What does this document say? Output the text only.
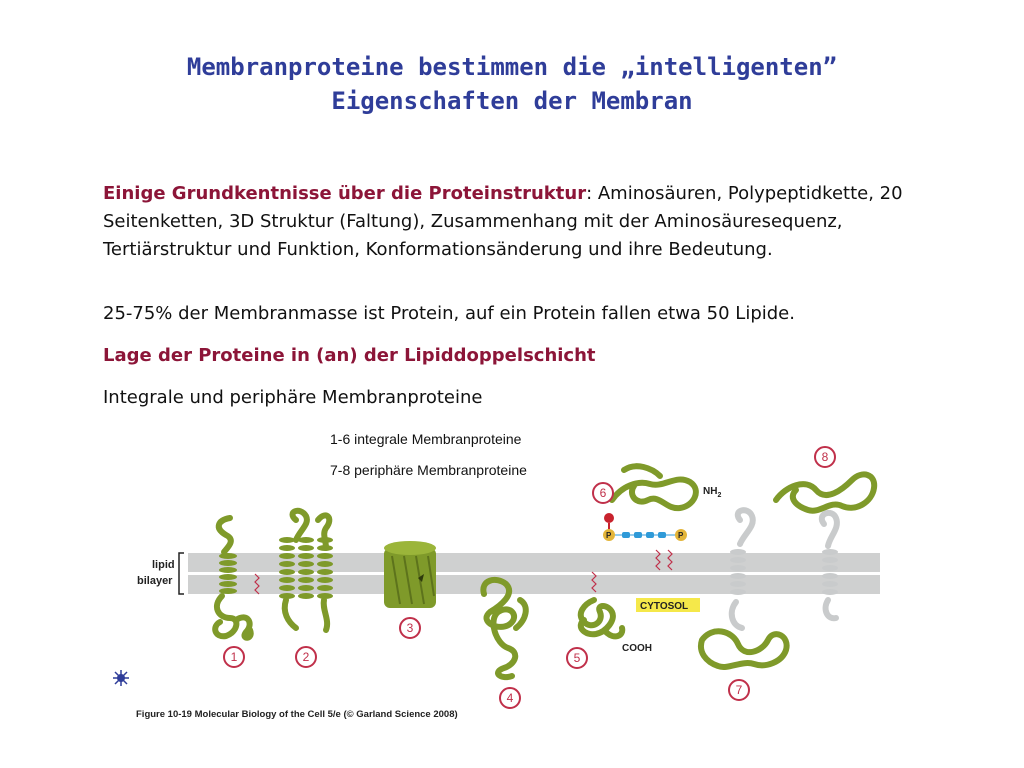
Membranproteine bestimmen die „intelligenten”
Eigenschaften der Membran

Einige Grundkentnisse über die Proteinstruktur: Aminosäuren, Polypeptidkette, 20 Seitenketten, 3D Struktur (Faltung), Zusammenhang mit der Aminosäuresequenz, Tertiärstruktur und Funktion, Konformationsänderung und ihre Bedeutung.

25-75% der Membranmasse ist Protein, auf ein Protein fallen etwa 50 Lipide.

Lage der Proteine in (an) der Lipiddoppelschicht

Integrale und periphäre Membranproteine

1-6 integrale Membranproteine

7-8 periphäre Membranproteine

lipid
bilayer
COOH
CYTOSOL
P	P
$NH_2$
1	2
3
4
5
6
7
8

Figure 10-19 Molecular Biology of the Cell 5/e (© Garland Science 2008)
